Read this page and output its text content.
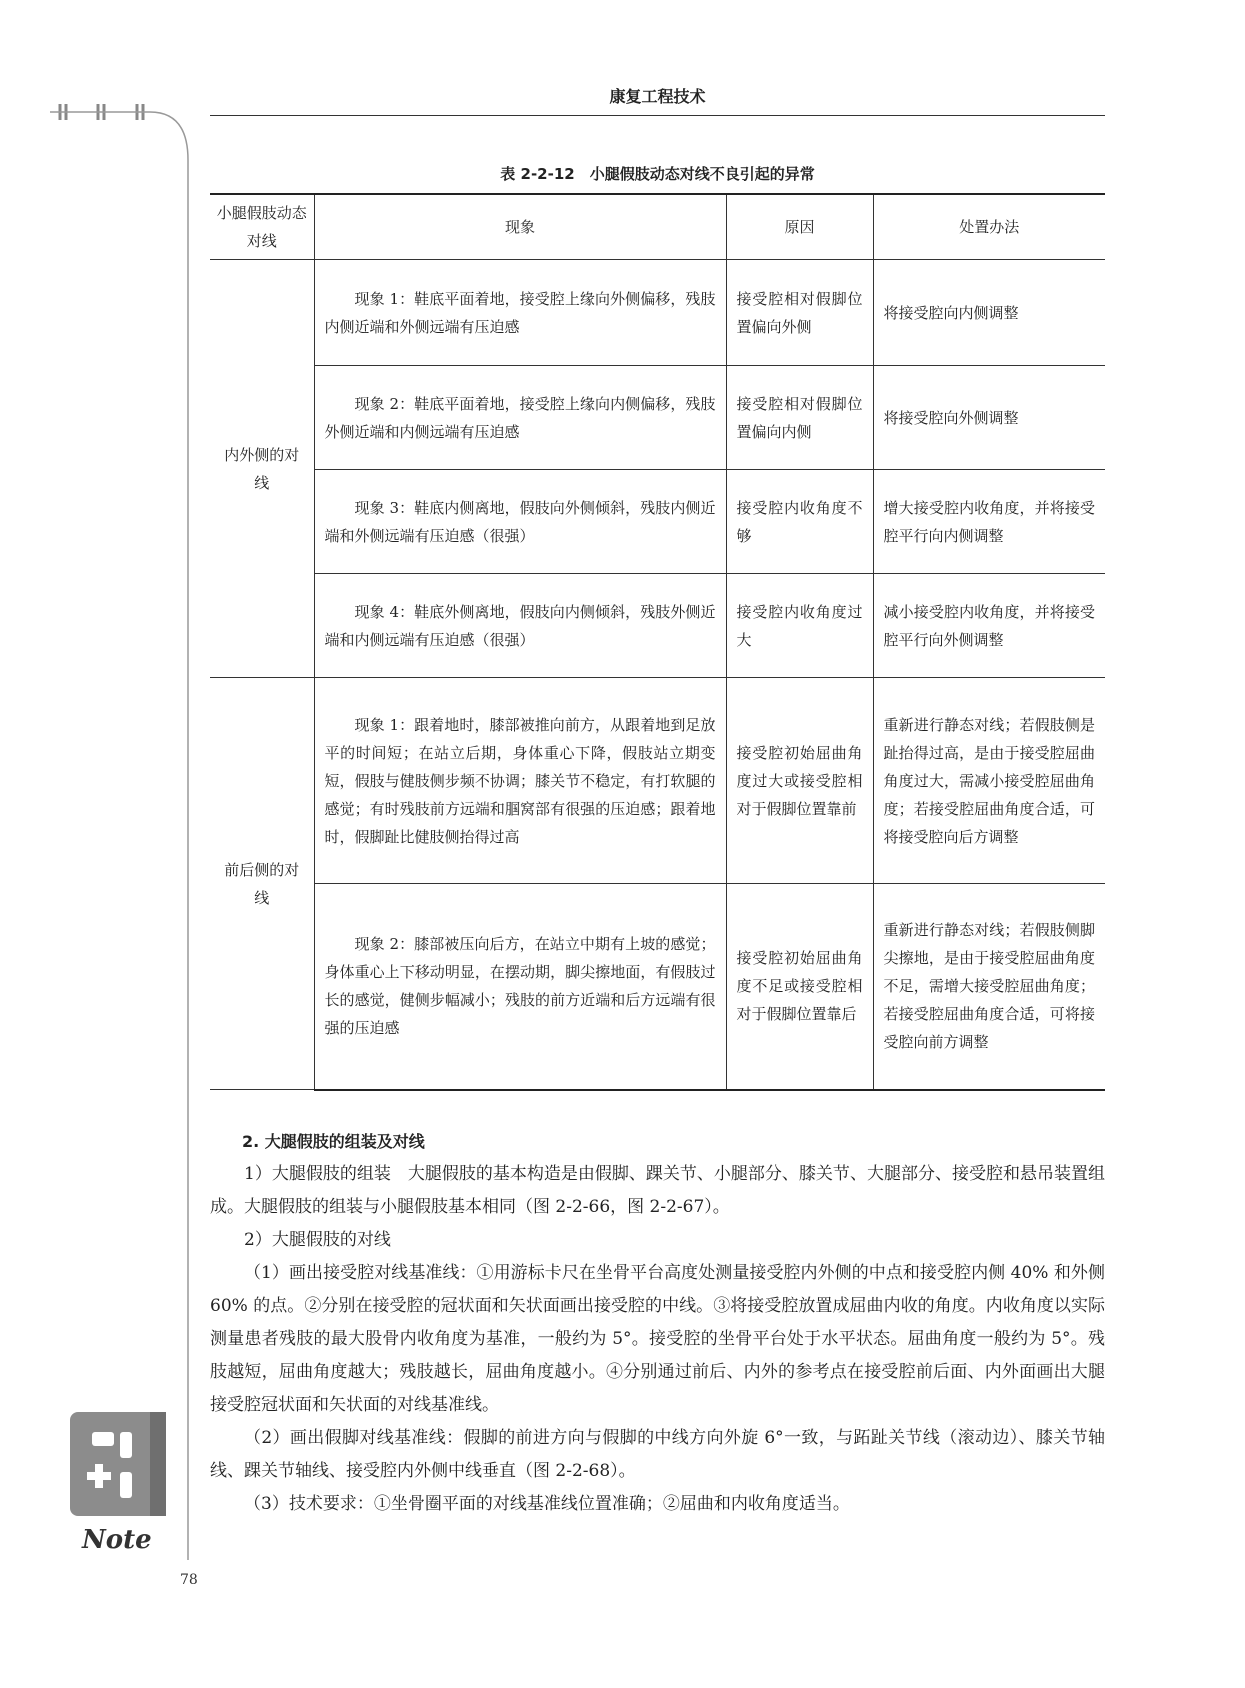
Note
康复工程技术
表 2-2-12　小腿假肢动态对线不良引起的异常
小腿假肢动态对线	现象	原因	处置办法
内外侧的对线	现象 1：鞋底平面着地，接受腔上缘向外侧偏移，残肢内侧近端和外侧远端有压迫感	接受腔相对假脚位置偏向外侧	将接受腔向内侧调整
	现象 2：鞋底平面着地，接受腔上缘向内侧偏移，残肢外侧近端和内侧远端有压迫感	接受腔相对假脚位置偏向内侧	将接受腔向外侧调整
	现象 3：鞋底内侧离地，假肢向外侧倾斜，残肢内侧近端和外侧远端有压迫感（很强）	接受腔内收角度不够	增大接受腔内收角度，并将接受腔平行向内侧调整
	现象 4：鞋底外侧离地，假肢向内侧倾斜，残肢外侧近端和内侧远端有压迫感（很强）	接受腔内收角度过大	减小接受腔内收角度，并将接受腔平行向外侧调整
前后侧的对线	现象 1：跟着地时，膝部被推向前方，从跟着地到足放平的时间短；在站立后期，身体重心下降，假肢站立期变短，假肢与健肢侧步频不协调；膝关节不稳定，有打软腿的感觉；有时残肢前方远端和腘窝部有很强的压迫感；跟着地时，假脚趾比健肢侧抬得过高	接受腔初始屈曲角度过大或接受腔相对于假脚位置靠前	重新进行静态对线；若假肢侧是趾抬得过高，是由于接受腔屈曲角度过大，需减小接受腔屈曲角度；若接受腔屈曲角度合适，可将接受腔向后方调整
	现象 2：膝部被压向后方，在站立中期有上坡的感觉；身体重心上下移动明显，在摆动期，脚尖擦地面，有假肢过长的感觉，健侧步幅减小；残肢的前方近端和后方远端有很强的压迫感	接受腔初始屈曲角度不足或接受腔相对于假脚位置靠后	重新进行静态对线；若假肢侧脚尖擦地，是由于接受腔屈曲角度不足，需增大接受腔屈曲角度；若接受腔屈曲角度合适，可将接受腔向前方调整
2. 大腿假肢的组装及对线

1）大腿假肢的组装　大腿假肢的基本构造是由假脚、踝关节、小腿部分、膝关节、大腿部分、接受腔和悬吊装置组成。大腿假肢的组装与小腿假肢基本相同（图 2-2-66，图 2-2-67）。

2）大腿假肢的对线

（1）画出接受腔对线基准线：①用游标卡尺在坐骨平台高度处测量接受腔内外侧的中点和接受腔内侧 40% 和外侧 60% 的点。②分别在接受腔的冠状面和矢状面画出接受腔的中线。③将接受腔放置成屈曲内收的角度。内收角度以实际测量患者残肢的最大股骨内收角度为基准，一般约为 5°。接受腔的坐骨平台处于水平状态。屈曲角度一般约为 5°。残肢越短，屈曲角度越大；残肢越长，屈曲角度越小。④分别通过前后、内外的参考点在接受腔前后面、内外面画出大腿接受腔冠状面和矢状面的对线基准线。

（2）画出假脚对线基准线：假脚的前进方向与假脚的中线方向外旋 6°一致，与跖趾关节线（滚动边）、膝关节轴线、踝关节轴线、接受腔内外侧中线垂直（图 2-2-68）。

（3）技术要求：①坐骨圈平面的对线基准线位置准确；②屈曲和内收角度适当。

78
